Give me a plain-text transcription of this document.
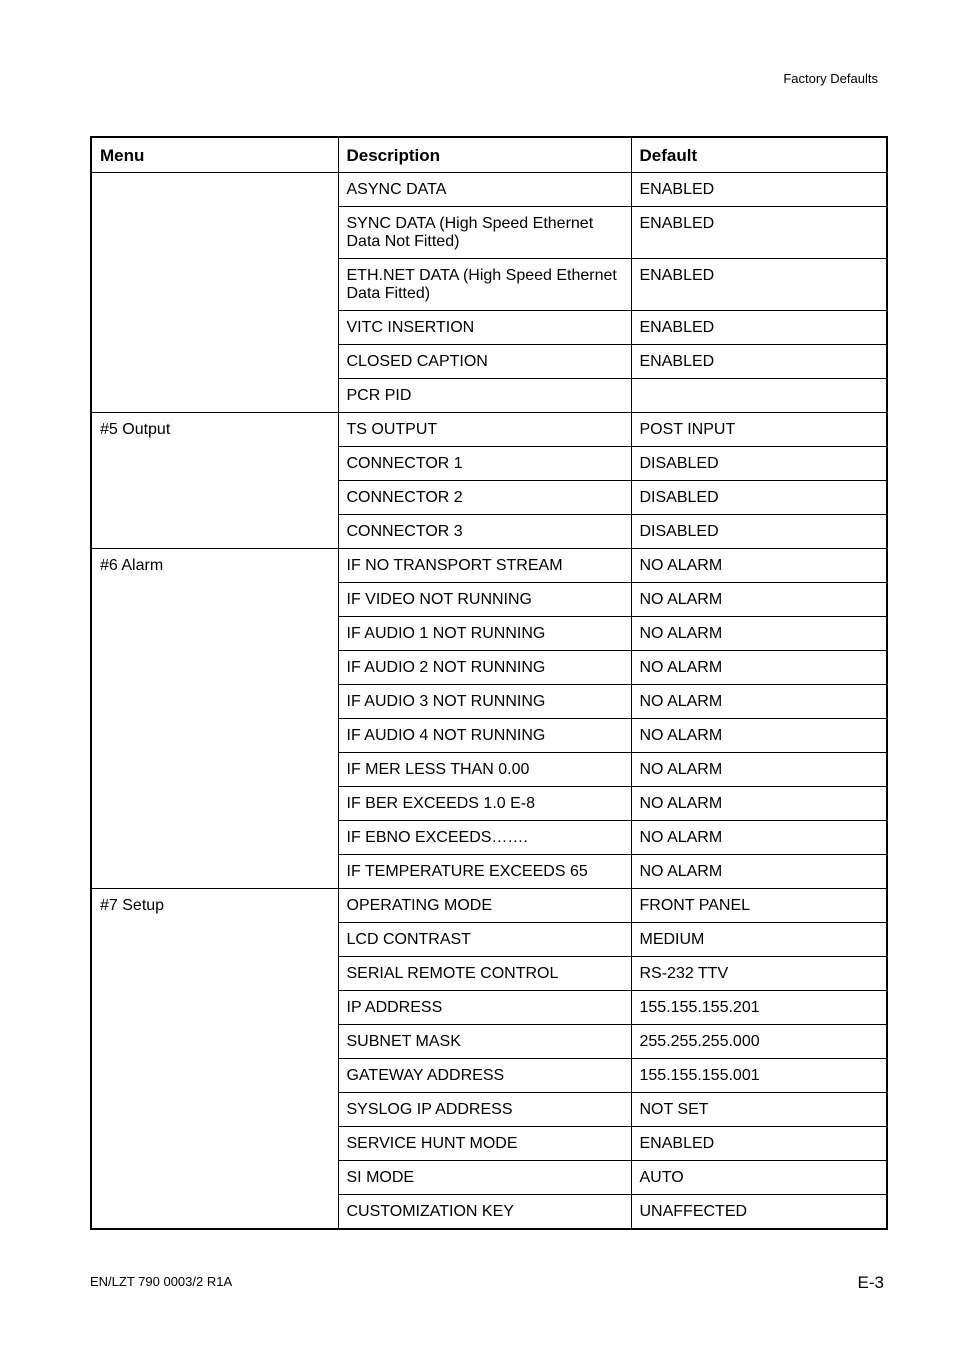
Factory Defaults
Menu	Description	Default
	ASYNC DATA	ENABLED
	SYNC DATA (High Speed Ethernet Data Not Fitted)	ENABLED
	ETH.NET DATA (High Speed Ethernet Data Fitted)	ENABLED
	VITC INSERTION	ENABLED
	CLOSED CAPTION	ENABLED
	PCR PID	
#5 Output	TS OUTPUT	POST INPUT
	CONNECTOR 1	DISABLED
	CONNECTOR 2	DISABLED
	CONNECTOR 3	DISABLED
#6 Alarm	IF NO TRANSPORT STREAM	NO ALARM
	IF VIDEO NOT RUNNING	NO ALARM
	IF AUDIO 1 NOT RUNNING	NO ALARM
	IF AUDIO 2 NOT RUNNING	NO ALARM
	IF AUDIO 3 NOT RUNNING	NO ALARM
	IF AUDIO 4 NOT RUNNING	NO ALARM
	IF MER LESS THAN 0.00	NO ALARM
	IF BER EXCEEDS 1.0 E-8	NO ALARM
	IF EBNO EXCEEDS…….	NO ALARM
	IF TEMPERATURE EXCEEDS 65	NO ALARM
#7 Setup	OPERATING MODE	FRONT PANEL
	LCD CONTRAST	MEDIUM
	SERIAL REMOTE CONTROL	RS-232 TTV
	IP ADDRESS	155.155.155.201
	SUBNET MASK	255.255.255.000
	GATEWAY ADDRESS	155.155.155.001
	SYSLOG IP ADDRESS	NOT SET
	SERVICE HUNT MODE	ENABLED
	SI MODE	AUTO
	CUSTOMIZATION KEY	UNAFFECTED
EN/LZT 790 0003/2 R1A	E-3
